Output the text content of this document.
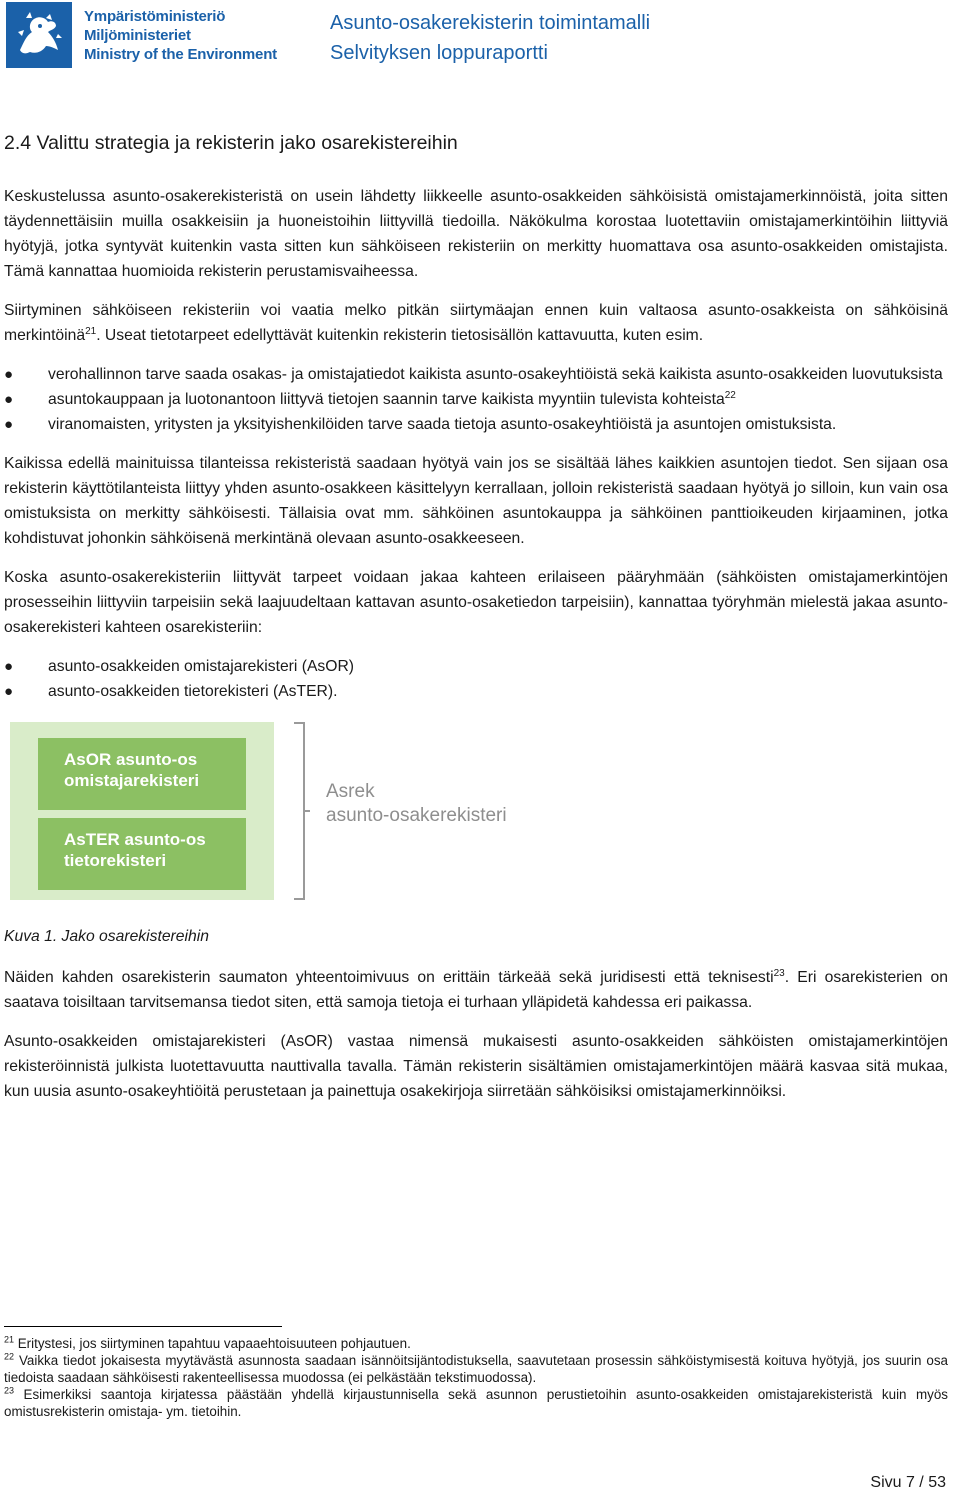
Ympäristöministeriö
Miljöministeriet
Ministry of the Environment
Asunto-osakerekisterin toimintamalli
Selvityksen loppuraportti
2.4 Valittu strategia ja rekisterin jako osarekistereihin

Keskustelussa asunto-osakerekisteristä on usein lähdetty liikkeelle asunto-osakkeiden sähköisistä omistajamerkinnöistä, joita sitten täydennettäisiin muilla osakkeisiin ja huoneistoihin liittyvillä tiedoilla. Näkökulma korostaa luotettaviin omistajamerkintöihin liittyviä hyötyjä, jotka syntyvät kuitenkin vasta sitten kun sähköiseen rekisteriin on merkitty huomattava osa asunto-osakkeiden omistajista. Tämä kannattaa huomioida rekisterin perustamisvaiheessa.

Siirtyminen sähköiseen rekisteriin voi vaatia melko pitkän siirtymäajan ennen kuin valtaosa asunto-osakkeista on sähköisinä merkintöinä$^{21}$. Useat tietotarpeet edellyttävät kuitenkin rekisterin tietosisällön kattavuutta, kuten esim.

● verohallinnon tarve saada osakas- ja omistajatiedot kaikista asunto-osakeyhtiöistä sekä kaikista asunto-osakkeiden luovutuksista
● asuntokauppaan ja luotonantoon liittyvä tietojen saannin tarve kaikista myyntiin tulevista kohteista$^{22}$
● viranomaisten, yritysten ja yksityishenkilöiden tarve saada tietoja asunto-osakeyhtiöistä ja asuntojen omistuksista.

Kaikissa edellä mainituissa tilanteissa rekisteristä saadaan hyötyä vain jos se sisältää lähes kaikkien asuntojen tiedot. Sen sijaan osa rekisterin käyttötilanteista liittyy yhden asunto-osakkeen käsittelyyn kerrallaan, jolloin rekisteristä saadaan hyötyä jo silloin, kun vain osa omistuksista on merkitty sähköisesti. Tällaisia ovat mm. sähköinen asuntokauppa ja sähköinen panttioikeuden kirjaaminen, jotka kohdistuvat johonkin sähköisenä merkintänä olevaan asunto-osakkeeseen.

Koska asunto-osakerekisteriin liittyvät tarpeet voidaan jakaa kahteen erilaiseen pääryhmään (sähköisten omistajamerkintöjen prosesseihin liittyviin tarpeisiin sekä laajuudeltaan kattavan asunto-osaketiedon tarpeisiin), kannattaa työryhmän mielestä jakaa asunto-osakerekisteri kahteen osarekisteriin:

● asunto-osakkeiden omistajarekisteri (AsOR)
● asunto-osakkeiden tietorekisteri (AsTER).
AsOR asunto-os
omistajarekisteri
AsTER asunto-os
tietorekisteri
Asrek
asunto-osakerekisteri

Kuva 1. Jako osarekistereihin

Näiden kahden osarekisterin saumaton yhteentoimivuus on erittäin tärkeää sekä juridisesti että teknisesti$^{23}$. Eri osarekisterien on saatava toisiltaan tarvitsemansa tiedot siten, että samoja tietoja ei turhaan ylläpidetä kahdessa eri paikassa.

Asunto-osakkeiden omistajarekisteri (AsOR) vastaa nimensä mukaisesti asunto-osakkeiden sähköisten omistajamerkintöjen rekisteröinnistä julkista luotettavuutta nauttivalla tavalla. Tämän rekisterin sisältämien omistajamerkintöjen määrä kasvaa sitä mukaa, kun uusia asunto-osakeyhtiöitä perustetaan ja painettuja osakekirjoja siirretään sähköisiksi omistajamerkinnöiksi.

$^{21}$ Eritystesi, jos siirtyminen tapahtuu vapaaehtoisuuteen pohjautuen.

$^{22}$ Vaikka tiedot jokaisesta myytävästä asunnosta saadaan isännöitsijäntodistuksella, saavutetaan prosessin sähköistymisestä koituva hyötyjä, jos suurin osa tiedoista saadaan sähköisesti rakenteellisessa muodossa (ei pelkästään tekstimuodossa).

$^{23}$ Esimerkiksi saantoja kirjatessa päästään yhdellä kirjaustunnisella sekä asunnon perustietoihin asunto-osakkeiden omistajarekisteristä kuin myös omistusrekisterin omistaja- ym. tietoihin.

Sivu 7 / 53
